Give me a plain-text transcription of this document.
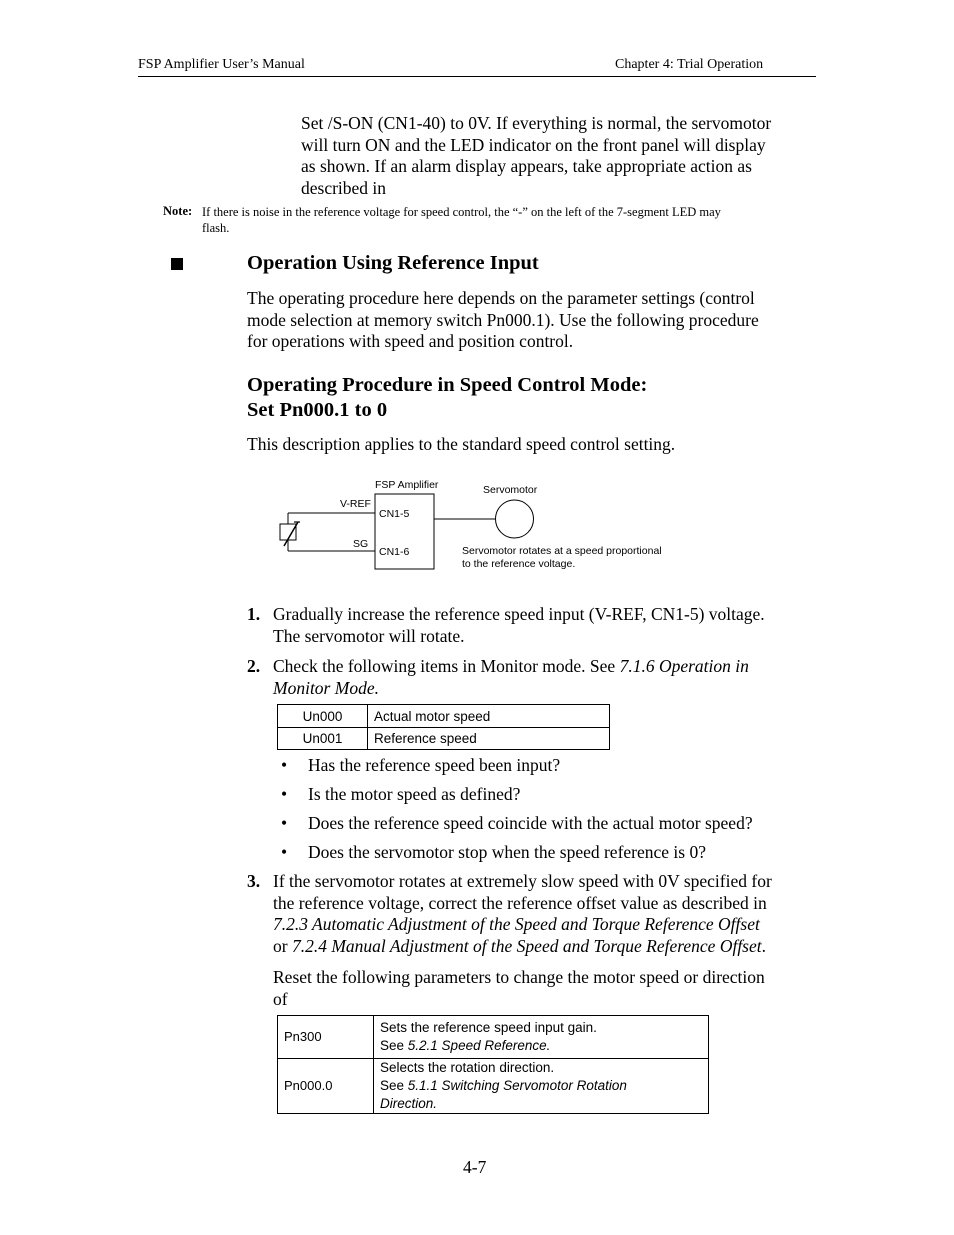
FSP Amplifier User’s Manual	Chapter 4: Trial Operation
Set /S-ON (CN1-40) to 0V. If everything is normal, the servomotor
will turn ON and the LED indicator on the front panel will display
as shown. If an alarm display appears, take appropriate action as
described in
Note: If there is noise in the reference voltage for speed control, the “-” on the left of the 7-segment LED may
flash.
Operation Using Reference Input
The operating procedure here depends on the parameter settings (control
mode selection at memory switch Pn000.1). Use the following procedure
for operations with speed and position control.
Operating Procedure in Speed Control Mode:
Set Pn000.1 to 0
This description applies to the standard speed control setting.
FSP Amplifier	Servomotor
V-REF
SG
CN1-5
CN1-6	Servomotor rotates at a speed proportional
to the reference voltage.
1. Gradually increase the reference speed input (V-REF, CN1-5) voltage.
The servomotor will rotate.
2. Check the following items in Monitor mode. See 7.1.6 Operation in
Monitor Mode.
Un000	Actual motor speed
Un001	Reference speed
• Has the reference speed been input?
• Is the motor speed as defined?
• Does the reference speed coincide with the actual motor speed?
• Does the servomotor stop when the speed reference is 0?
3. If the servomotor rotates at extremely slow speed with 0V specified for
the reference voltage, correct the reference offset value as described in
7.2.3 Automatic Adjustment of the Speed and Torque Reference Offset
or 7.2.4 Manual Adjustment of the Speed and Torque Reference Offset.
Reset the following parameters to change the motor speed or direction
of
Pn300	Sets the reference speed input gain.
See 5.2.1 Speed Reference.

Pn000.0	Selects the rotation direction.
See 5.1.1 Switching Servomotor Rotation
Direction.
4-7
